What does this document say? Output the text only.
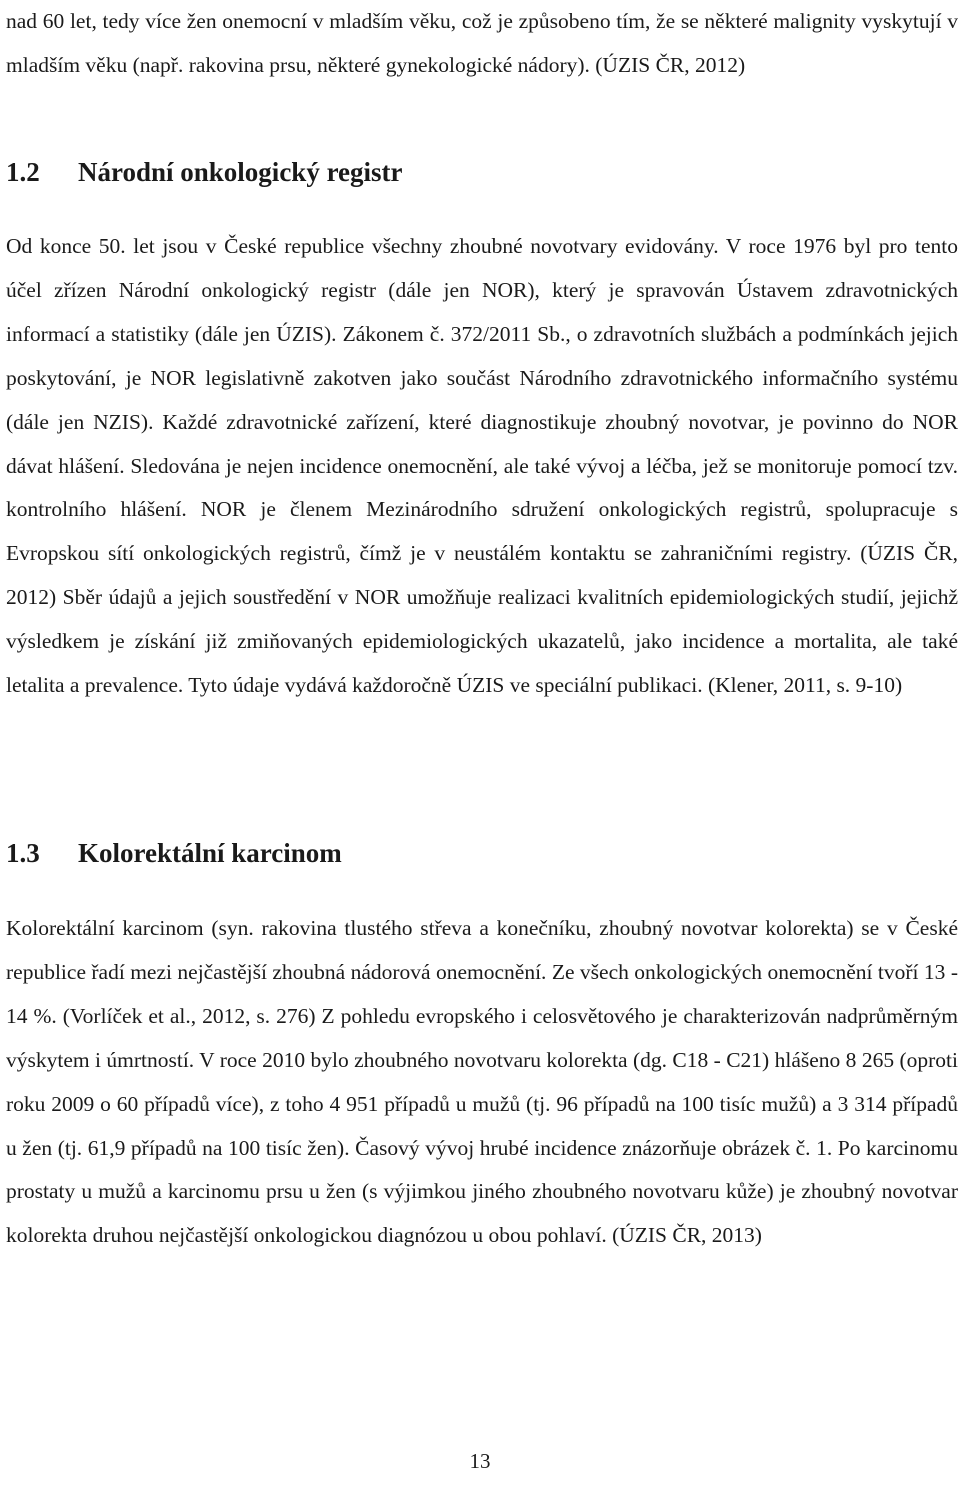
nad 60 let, tedy více žen onemocní v mladším věku, což je způsobeno tím, že se některé malignity vyskytují v mladším věku (např. rakovina prsu, některé gynekologické nádory). (ÚZIS ČR, 2012)

1.2 Národní onkologický registr

Od konce 50. let jsou v České republice všechny zhoubné novotvary evidovány. V roce 1976 byl pro tento účel zřízen Národní onkologický registr (dále jen NOR), který je spravován Ústavem zdravotnických informací a statistiky (dále jen ÚZIS). Zákonem č. 372/2011 Sb., o zdravotních službách a podmínkách jejich poskytování, je NOR legislativně zakotven jako součást Národního zdravotnického informačního systému (dále jen NZIS). Každé zdravotnické zařízení, které diagnostikuje zhoubný novotvar, je povinno do NOR dávat hlášení. Sledována je nejen incidence onemocnění, ale také vývoj a léčba, jež se monitoruje pomocí tzv. kontrolního hlášení. NOR je členem Mezinárodního sdružení onkologických registrů, spolupracuje s Evropskou sítí onkologických registrů, čímž je v neustálém kontaktu se zahraničními registry. (ÚZIS ČR, 2012) Sběr údajů a jejich soustředění v NOR umožňuje realizaci kvalitních epidemiologických studií, jejichž výsledkem je získání již zmiňovaných epidemiologických ukazatelů, jako incidence a mortalita, ale také letalita a prevalence. Tyto údaje vydává každoročně ÚZIS ve speciální publikaci. (Klener, 2011, s. 9-10)

1.3 Kolorektální karcinom

Kolorektální karcinom (syn. rakovina tlustého střeva a konečníku, zhoubný novotvar kolorekta) se v České republice řadí mezi nejčastější zhoubná nádorová onemocnění. Ze všech onkologických onemocnění tvoří 13 - 14 %. (Vorlíček et al., 2012, s. 276) Z pohledu evropského i celosvětového je charakterizován nadprůměrným výskytem i úmrtností. V roce 2010 bylo zhoubného novotvaru kolorekta (dg. C18 - C21) hlášeno 8 265 (oproti roku 2009 o 60 případů více), z toho 4 951 případů u mužů (tj. 96 případů na 100 tisíc mužů) a 3 314 případů u žen (tj. 61,9 případů na 100 tisíc žen). Časový vývoj hrubé incidence znázorňuje obrázek č. 1. Po karcinomu prostaty u mužů a karcinomu prsu u žen (s výjimkou jiného zhoubného novotvaru kůže) je zhoubný novotvar kolorekta druhou nejčastější onkologickou diagnózou u obou pohlaví. (ÚZIS ČR, 2013)

13
